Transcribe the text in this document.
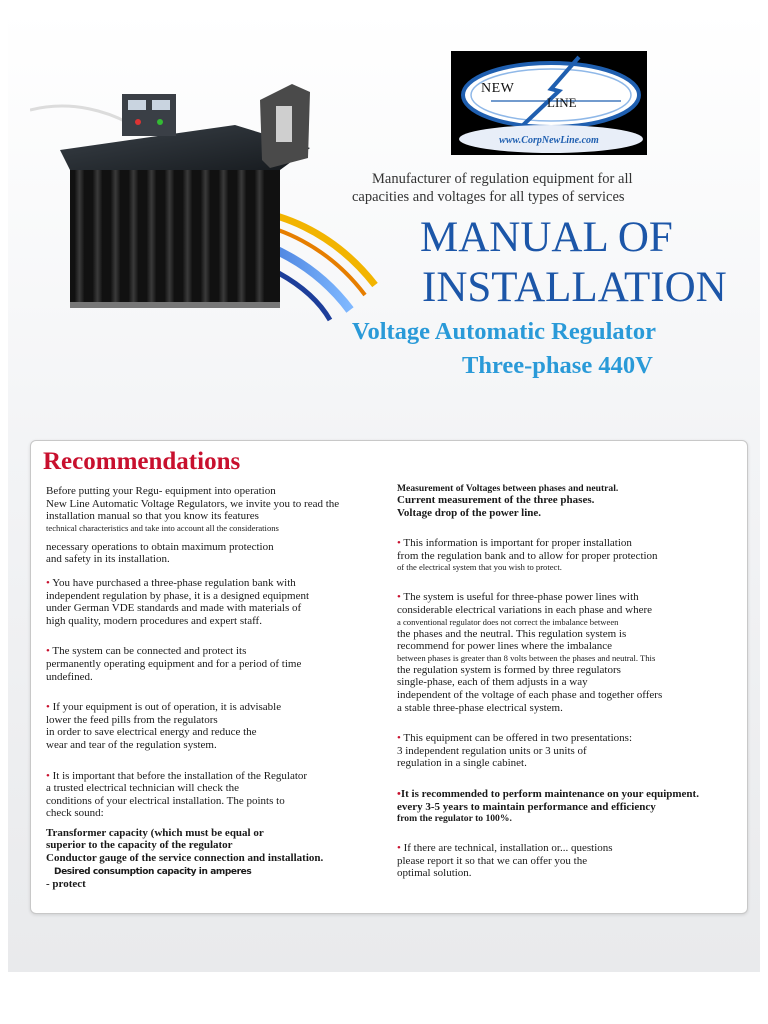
NEW
LINE
www.CorpNewLine.com
Manufacturer of regulation equipment for all
capacities and voltages for all types of services
MANUAL OF
INSTALLATION
Voltage Automatic Regulator
Three-phase 440V
Recommendations

Before putting your Regu- equipment into operation

New Line Automatic Voltage Regulators, we invite you to read the

installation manual so that you know its features

technical characteristics and take into account all the considerations

necessary operations to obtain maximum protection

and safety in its installation.

• You have purchased a three-phase regulation bank with

independent regulation by phase, it is a designed equipment

under German VDE standards and made with materials of

high quality, modern procedures and expert staff.

• The system can be connected and protect its

permanently operating equipment and for a period of time

undefined.

• If your equipment is out of operation, it is advisable

lower the feed pills from the regulators

in order to save electrical energy and reduce the

wear and tear of the regulation system.

• It is important that before the installation of the Regulator

a trusted electrical technician will check the

conditions of your electrical installation. The points to

check sound:

Transformer capacity (which must be equal or

superior to the capacity of the regulator

Conductor gauge of the service connection and installation.

Desired consumption capacity in amperes

- protect

Measurement of Voltages between phases and neutral.

Current measurement of the three phases.

Voltage drop of the power line.

• This information is important for proper installation

from the regulation bank and to allow for proper protection

of the electrical system that you wish to protect.

• The system is useful for three-phase power lines with

considerable electrical variations in each phase and where

a conventional regulator does not correct the imbalance between

the phases and the neutral. This regulation system is

recommend for power lines where the imbalance

between phases is greater than 8 volts between the phases and neutral. This

the regulation system is formed by three regulators

single-phase, each of them adjusts in a way

independent of the voltage of each phase and together offers

a stable three-phase electrical system.

• This equipment can be offered in two presentations:

3 independent regulation units or 3 units of

regulation in a single cabinet.

•It is recommended to perform maintenance on your equipment.

every 3-5 years to maintain performance and efficiency

from the regulator to 100%.

• If there are technical, installation or... questions

please report it so that we can offer you the

optimal solution.
